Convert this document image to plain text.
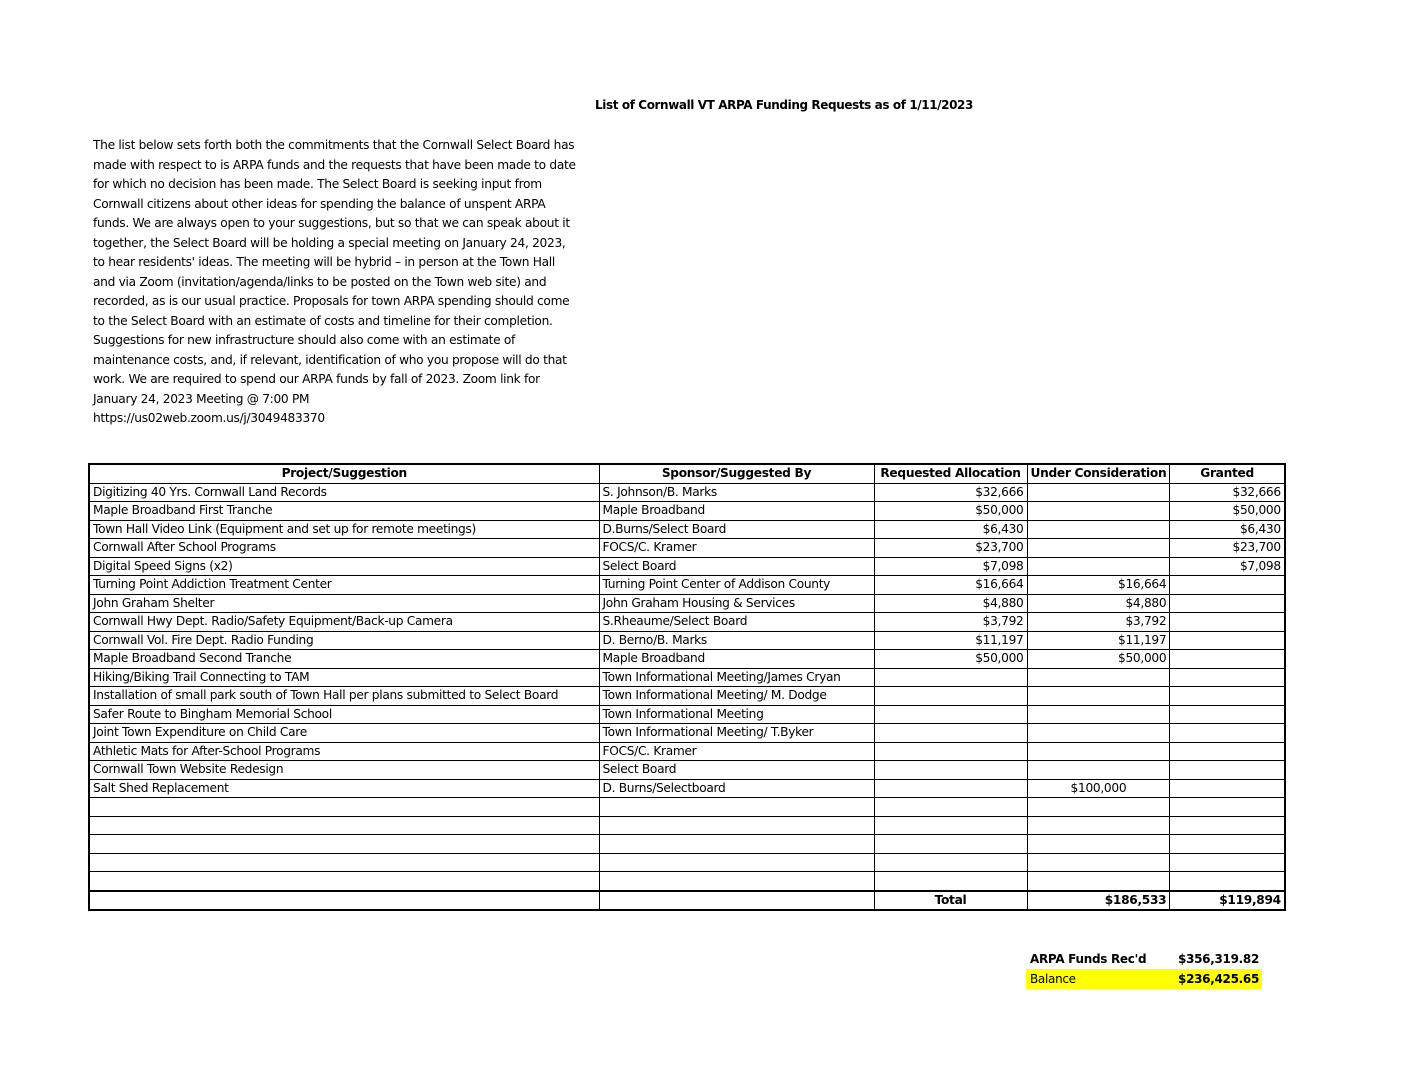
List of Cornwall VT ARPA Funding Requests as of 1/11/2023
The list below sets forth both the commitments that the Cornwall Select Board has
made with respect to is ARPA funds and the requests that have been made to date
for which no decision has been made. The Select Board is seeking input from
Cornwall citizens about other ideas for spending the balance of unspent ARPA
funds. We are always open to your suggestions, but so that we can speak about it
together, the Select Board will be holding a special meeting on January 24, 2023,
to hear residents' ideas. The meeting will be hybrid – in person at the Town Hall
and via Zoom (invitation/agenda/links to be posted on the Town web site) and
recorded, as is our usual practice. Proposals for town ARPA spending should come
to the Select Board with an estimate of costs and timeline for their completion.
Suggestions for new infrastructure should also come with an estimate of
maintenance costs, and, if relevant, identification of who you propose will do that
work. We are required to spend our ARPA funds by fall of 2023. Zoom link for
January 24, 2023 Meeting @ 7:00 PM
https://us02web.zoom.us/j/3049483370
Project/Suggestion	Sponsor/Suggested By	Requested Allocation	Under Consideration	Granted
Digitizing 40 Yrs. Cornwall Land Records	S. Johnson/B. Marks	$32,666		$32,666
Maple Broadband First Tranche	Maple Broadband	$50,000		$50,000
Town Hall Video Link (Equipment and set up for remote meetings)	D.Burns/Select Board	$6,430		$6,430
Cornwall After School Programs	FOCS/C. Kramer	$23,700		$23,700
Digital Speed Signs (x2)	Select Board	$7,098		$7,098
Turning Point Addiction Treatment Center	Turning Point Center of Addison County	$16,664	$16,664	
John Graham Shelter	John Graham Housing & Services	$4,880	$4,880	
Cornwall Hwy Dept. Radio/Safety Equipment/Back-up Camera	S.Rheaume/Select Board	$3,792	$3,792	
Cornwall Vol. Fire Dept. Radio Funding	D. Berno/B. Marks	$11,197	$11,197	
Maple Broadband Second Tranche	Maple Broadband	$50,000	$50,000	
Hiking/Biking Trail Connecting to TAM	Town Informational Meeting/James Cryan			
Installation of small park south of Town Hall per plans submitted to Select Board	Town Informational Meeting/ M. Dodge			
Safer Route to Bingham Memorial School	Town Informational Meeting			
Joint Town Expenditure on Child Care	Town Informational Meeting/ T.Byker			
Athletic Mats for After-School Programs	FOCS/C. Kramer			
Cornwall Town Website Redesign	Select Board			
Salt Shed Replacement	D. Burns/Selectboard		$100,000	

		Total	$186,533	$119,894
ARPA Funds Rec'd	$356,319.82
Balance	$236,425.65
